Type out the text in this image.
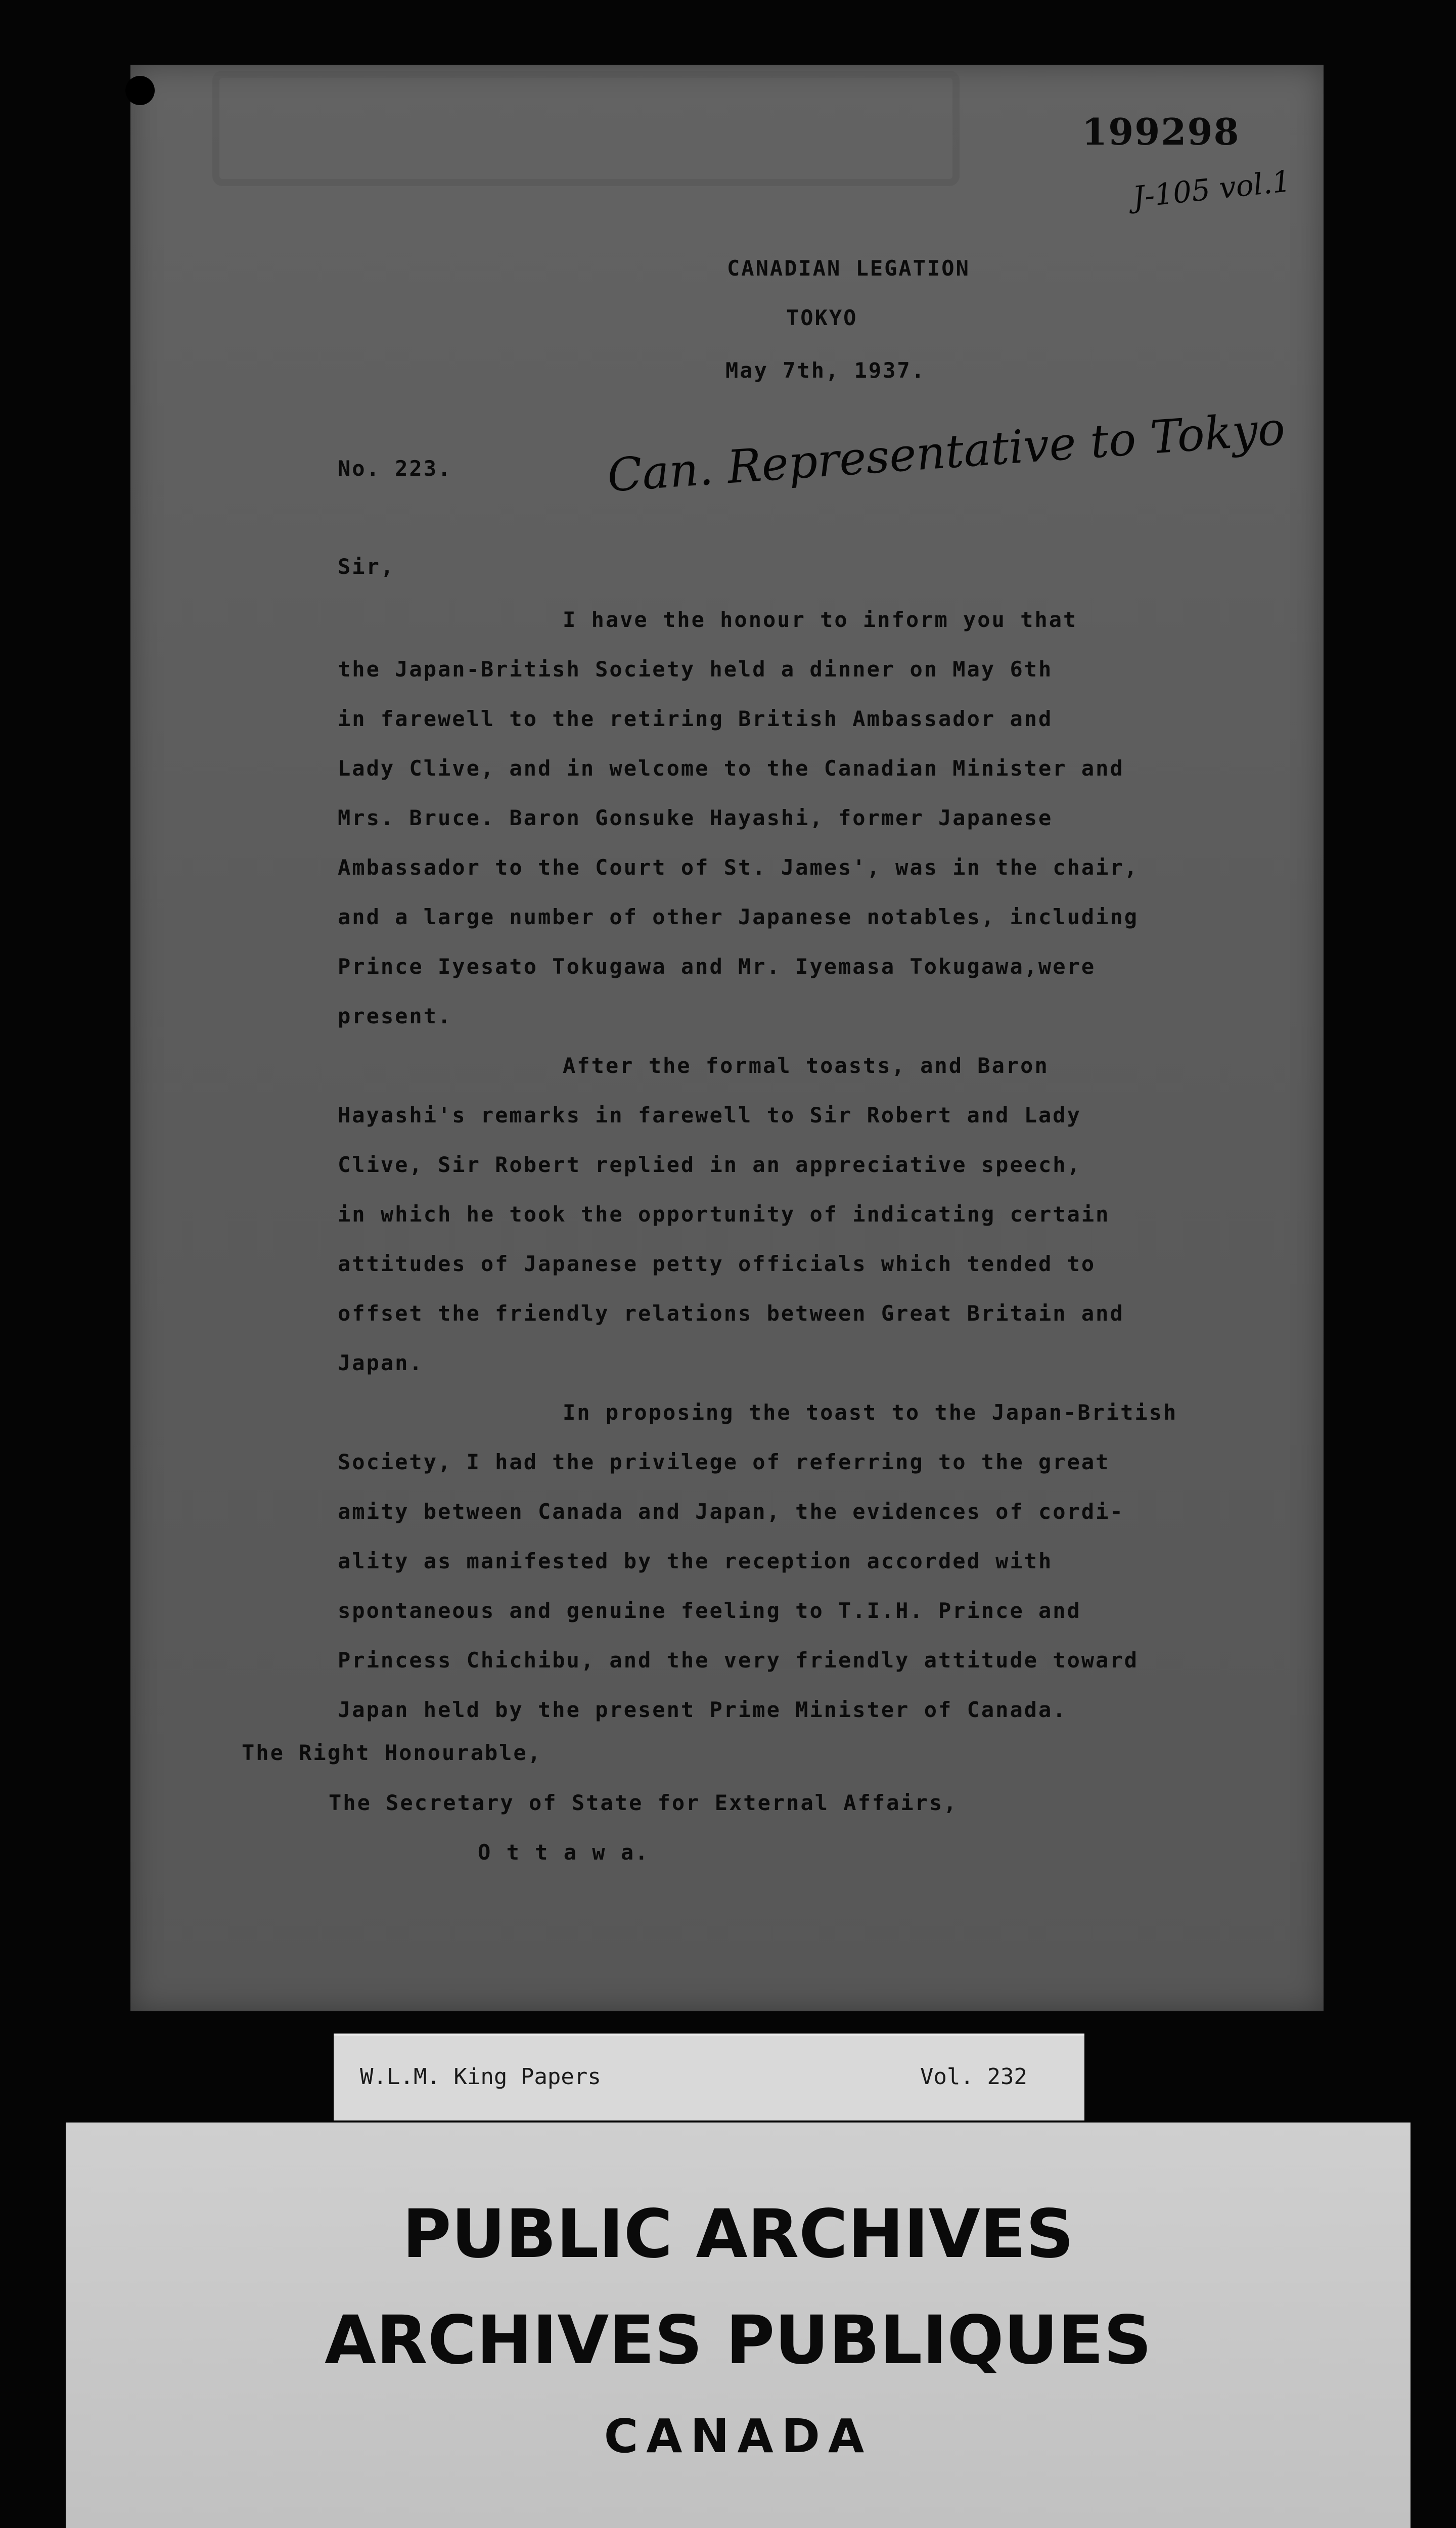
199298
J-105 vol.1
CANADIAN LEGATION
TOKYO
May 7th, 1937.
No. 223.	Can. Representative to Tokyo
Sir,
I have the honour to inform you that
the Japan-British Society held a dinner on May 6th
in farewell to the retiring British Ambassador and
Lady Clive, and in welcome to the Canadian Minister and
Mrs. Bruce. Baron Gonsuke Hayashi, former Japanese
Ambassador to the Court of St. James', was in the chair,
and a large number of other Japanese notables, including
Prince Iyesato Tokugawa and Mr. Iyemasa Tokugawa,were
present.
After the formal toasts, and Baron
Hayashi's remarks in farewell to Sir Robert and Lady
Clive, Sir Robert replied in an appreciative speech,
in which he took the opportunity of indicating certain
attitudes of Japanese petty officials which tended to
offset the friendly relations between Great Britain and
Japan.
In proposing the toast to the Japan-British
Society, I had the privilege of referring to the great
amity between Canada and Japan, the evidences of cordi-
ality as manifested by the reception accorded with
spontaneous and genuine feeling to T.I.H. Prince and
Princess Chichibu, and the very friendly attitude toward
Japan held by the present Prime Minister of Canada.
The Right Honourable,
The Secretary of State for External Affairs,
O t t a w a.
W.L.M. King Papers	Vol. 232
PUBLIC ARCHIVES
ARCHIVES PUBLIQUES
CANADA
